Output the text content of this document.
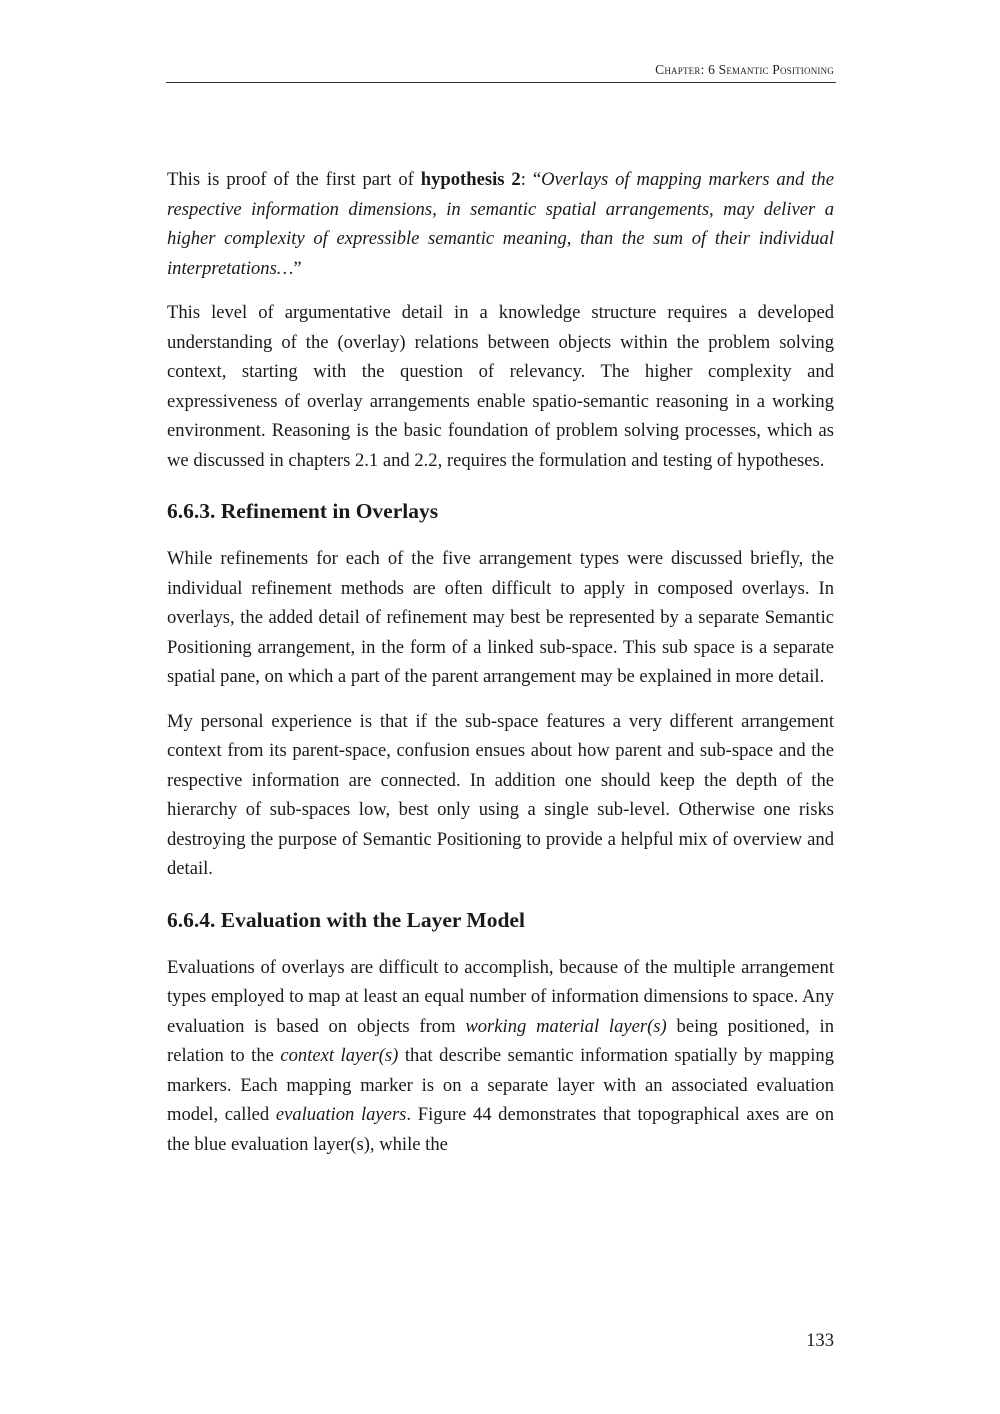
Chapter: 6 Semantic Positioning

This is proof of the first part of hypothesis 2: “Overlays of mapping markers and the respective information dimensions, in semantic spatial arrangements, may deliver a higher complexity of expressible semantic meaning, than the sum of their individual interpretations…”

This level of argumentative detail in a knowledge structure requires a developed understanding of the (overlay) relations between objects within the problem solving context, starting with the question of relevancy. The higher complexity and expressiveness of overlay arrangements enable spatio-semantic reasoning in a working environment. Reasoning is the basic foundation of problem solving processes, which as we discussed in chapters 2.1 and 2.2, requires the formulation and testing of hypotheses.

6.6.3. Refinement in Overlays

While refinements for each of the five arrangement types were discussed briefly, the individual refinement methods are often difficult to apply in composed overlays. In overlays, the added detail of refinement may best be represented by a separate Semantic Positioning arrangement, in the form of a linked sub-space. This sub space is a separate spatial pane, on which a part of the parent arrangement may be explained in more detail.

My personal experience is that if the sub-space features a very different arrangement context from its parent-space, confusion ensues about how parent and sub-space and the respective information are connected. In addition one should keep the depth of the hierarchy of sub-spaces low, best only using a single sub-level. Otherwise one risks destroying the purpose of Semantic Positioning to provide a helpful mix of overview and detail.

6.6.4. Evaluation with the Layer Model

Evaluations of overlays are difficult to accomplish, because of the multiple arrangement types employed to map at least an equal number of information dimensions to space. Any evaluation is based on objects from working material layer(s) being positioned, in relation to the context layer(s) that describe semantic information spatially by mapping markers. Each mapping marker is on a separate layer with an associated evaluation model, called evaluation layers. Figure 44 demonstrates that topographical axes are on the blue evaluation layer(s), while the

133
